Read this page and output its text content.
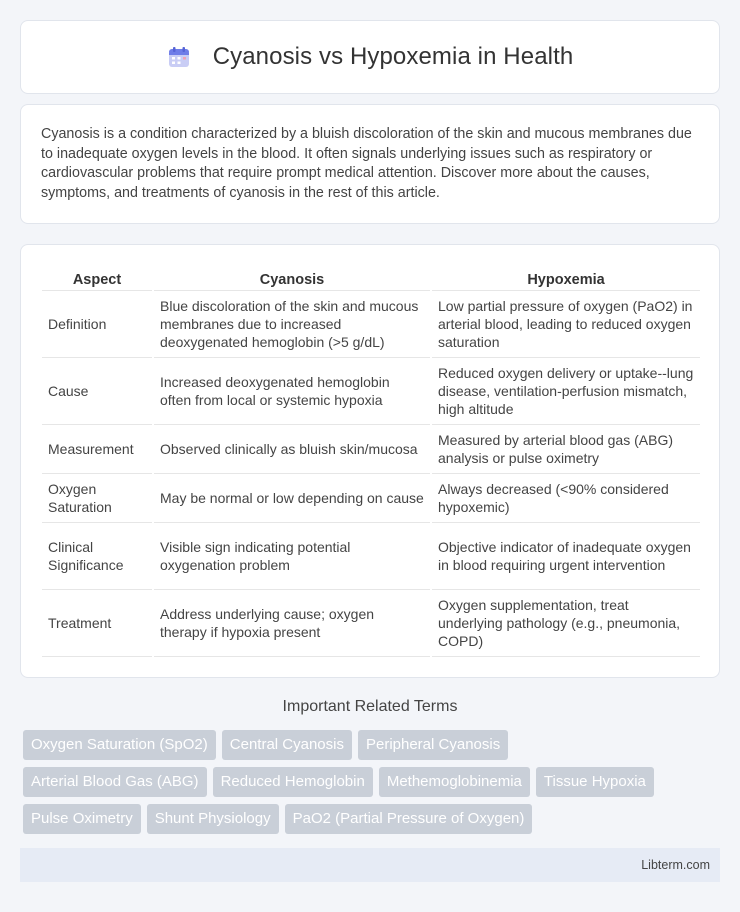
Cyanosis vs Hypoxemia in Health

Cyanosis is a condition characterized by a bluish discoloration of the skin and mucous membranes due to inadequate oxygen levels in the blood. It often signals underlying issues such as respiratory or cardiovascular problems that require prompt medical attention. Discover more about the causes, symptoms, and treatments of cyanosis in the rest of this article.

Aspect	Cyanosis	Hypoxemia
Definition	Blue discoloration of the skin and mucous membranes due to increased deoxygenated hemoglobin (>5 g/dL)	Low partial pressure of oxygen (PaO2) in arterial blood, leading to reduced oxygen saturation
Cause	Increased deoxygenated hemoglobin often from local or systemic hypoxia	Reduced oxygen delivery or uptake--lung disease, ventilation-perfusion mismatch, high altitude
Measurement	Observed clinically as bluish skin/mucosa	Measured by arterial blood gas (ABG) analysis or pulse oximetry
Oxygen Saturation	May be normal or low depending on cause	Always decreased (<90% considered hypoxemic)
Clinical Significance	Visible sign indicating potential oxygenation problem	Objective indicator of inadequate oxygen in blood requiring urgent intervention
Treatment	Address underlying cause; oxygen therapy if hypoxia present	Oxygen supplementation, treat underlying pathology (e.g., pneumonia, COPD)
Important Related Terms
Oxygen Saturation (SpO2)	Central Cyanosis	Peripheral Cyanosis
Arterial Blood Gas (ABG)	Reduced Hemoglobin	Methemoglobinemia	Tissue Hypoxia
Pulse Oximetry	Shunt Physiology	PaO2 (Partial Pressure of Oxygen)
Libterm.com
